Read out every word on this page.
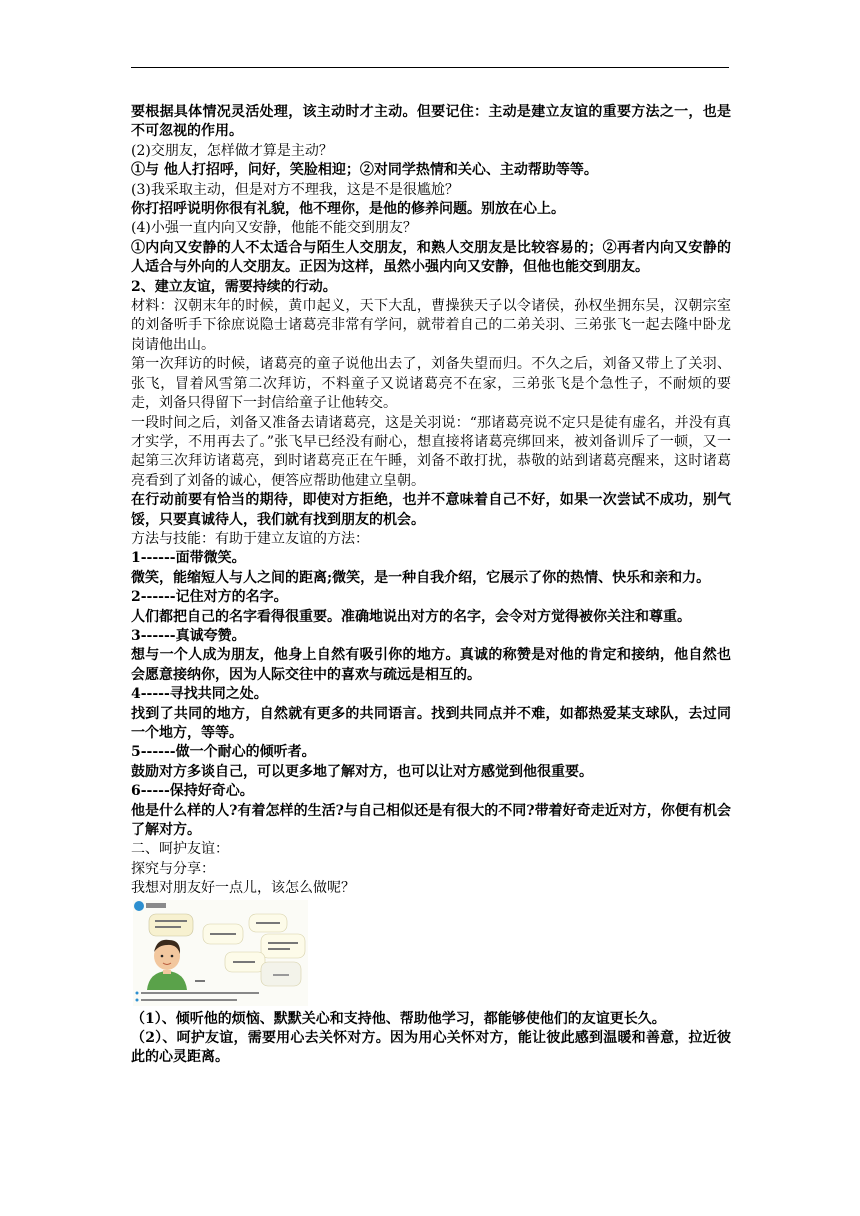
要根据具体情况灵活处理，该主动时才主动。但要记住：主动是建立友谊的重要方法之一，也是不可忽视的作用。

(2)交朋友，怎样做才算是主动？

①与 他人打招呼，问好，笑脸相迎；②对同学热情和关心、主动帮助等等。

(3)我采取主动，但是对方不理我，这是不是很尴尬？

你打招呼说明你很有礼貌，他不理你，是他的修养问题。别放在心上。

(4)小强一直内向又安静，他能不能交到朋友？

①内向又安静的人不太适合与陌生人交朋友，和熟人交朋友是比较容易的；②再者内向又安静的人适合与外向的人交朋友。正因为这样，虽然小强内向又安静，但他也能交到朋友。

2、建立友谊，需要持续的行动。

材料：汉朝末年的时候，黄巾起义，天下大乱，曹操狭天子以令诸侯，孙权坐拥东吴，汉朝宗室的刘备听手下徐庶说隐士诸葛亮非常有学问，就带着自己的二弟关羽、三弟张飞一起去隆中卧龙岗请他出山。

第一次拜访的时候，诸葛亮的童子说他出去了，刘备失望而归。不久之后，刘备又带上了关羽、张飞，冒着风雪第二次拜访，不料童子又说诸葛亮不在家，三弟张飞是个急性子，不耐烦的要走，刘备只得留下一封信给童子让他转交。

一段时间之后，刘备又准备去请诸葛亮，这是关羽说：“那诸葛亮说不定只是徒有虚名，并没有真才实学，不用再去了。”张飞早已经没有耐心，想直接将诸葛亮绑回来，被刘备训斥了一顿，又一起第三次拜访诸葛亮，到时诸葛亮正在午睡，刘备不敢打扰，恭敬的站到诸葛亮醒来，这时诸葛亮看到了刘备的诚心，便答应帮助他建立皇朝。

在行动前要有恰当的期待，即使对方拒绝，也并不意味着自己不好，如果一次尝试不成功，别气馁，只要真诚待人，我们就有找到朋友的机会。

方法与技能：有助于建立友谊的方法：

1------面带微笑。

微笑，能缩短人与人之间的距离;微笑，是一种自我介绍，它展示了你的热情、快乐和亲和力。

2------记住对方的名字。

人们都把自己的名字看得很重要。准确地说出对方的名字，会令对方觉得被你关注和尊重。

3------真诚夸赞。

想与一个人成为朋友，他身上自然有吸引你的地方。真诚的称赞是对他的肯定和接纳，他自然也会愿意接纳你，因为人际交往中的喜欢与疏远是相互的。

4-----寻找共同之处。

找到了共同的地方，自然就有更多的共同语言。找到共同点并不难，如都热爱某支球队，去过同一个地方，等等。

5------做一个耐心的倾听者。

鼓励对方多谈自己，可以更多地了解对方，也可以让对方感觉到他很重要。

6-----保持好奇心。

他是什么样的人?有着怎样的生活?与自己相似还是有很大的不同?带着好奇走近对方，你便有机会了解对方。

二、呵护友谊：

探究与分享：

我想对朋友好一点儿，该怎么做呢？

（1）、倾听他的烦恼、默默关心和支持他、帮助他学习，都能够使他们的友谊更长久。

（2）、呵护友谊，需要用心去关怀对方。因为用心关怀对方，能让彼此感到温暖和善意，拉近彼此的心灵距离。
